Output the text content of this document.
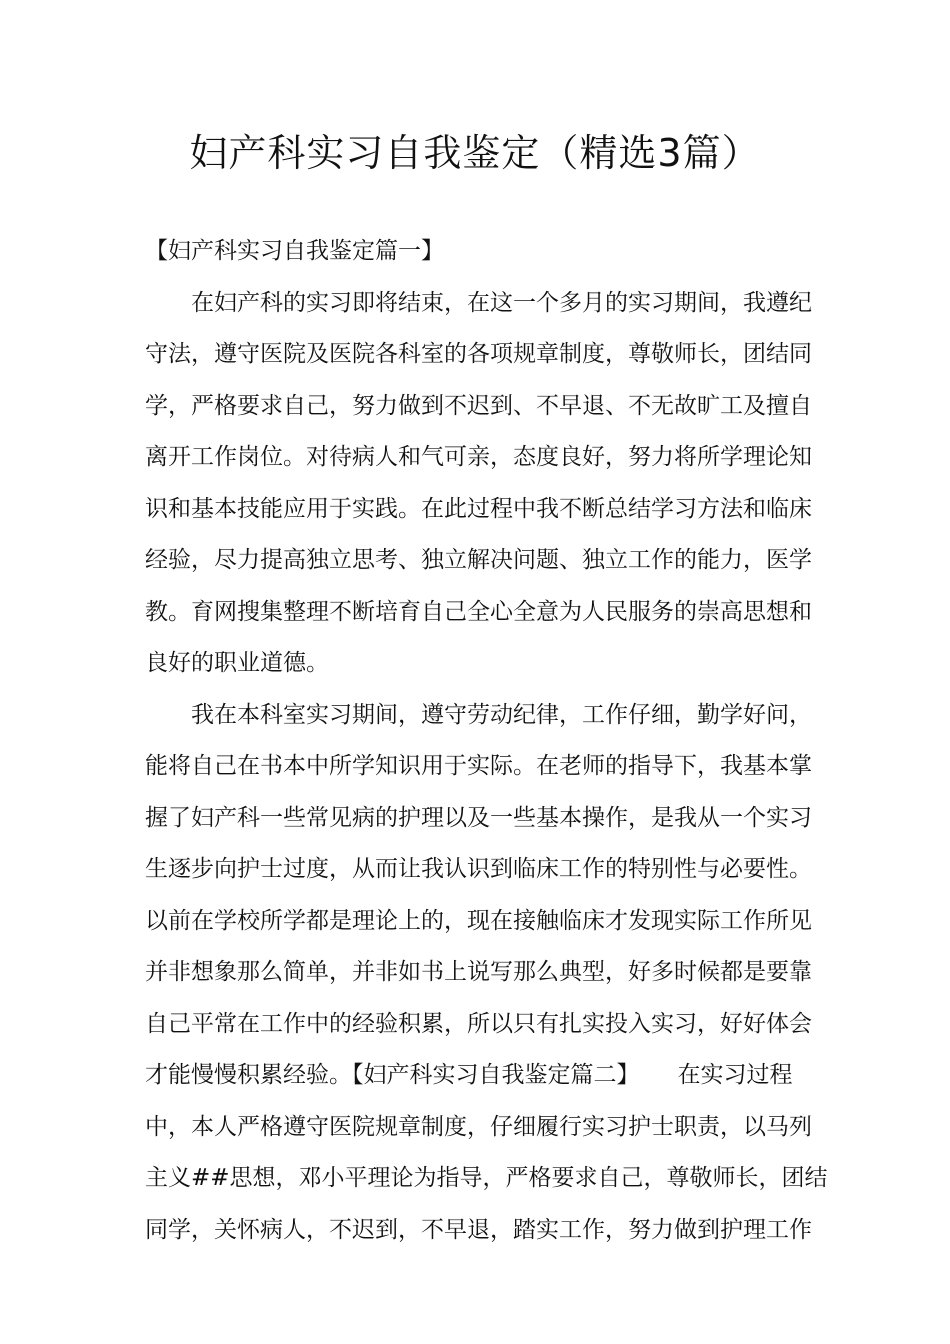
妇产科实习自我鉴定（精选3篇）
【妇产科实习自我鉴定篇一】
在妇产科的实习即将结束，在这一个多月的实习期间，我遵纪
守法，遵守医院及医院各科室的各项规章制度，尊敬师长，团结同
学，严格要求自己，努力做到不迟到、不早退、不无故旷工及擅自
离开工作岗位。对待病人和气可亲，态度良好，努力将所学理论知
识和基本技能应用于实践。在此过程中我不断总结学习方法和临床
经验，尽力提高独立思考、独立解决问题、独立工作的能力，医学
教。育网搜集整理不断培育自己全心全意为人民服务的崇高思想和
良好的职业道德。
我在本科室实习期间，遵守劳动纪律，工作仔细，勤学好问，
能将自己在书本中所学知识用于实际。在老师的指导下，我基本掌
握了妇产科一些常见病的护理以及一些基本操作，是我从一个实习
生逐步向护士过度，从而让我认识到临床工作的特别性与必要性。
以前在学校所学都是理论上的，现在接触临床才发现实际工作所见
并非想象那么简单，并非如书上说写那么典型，好多时候都是要靠
自己平常在工作中的经验积累，所以只有扎实投入实习，好好体会
才能慢慢积累经验。【妇产科实习自我鉴定篇二】 在实习过程
中，本人严格遵守医院规章制度，仔细履行实习护士职责，以马列
主义##思想，邓小平理论为指导，严格要求自己，尊敬师长，团结
同学，关怀病人，不迟到，不早退，踏实工作，努力做到护理工作
